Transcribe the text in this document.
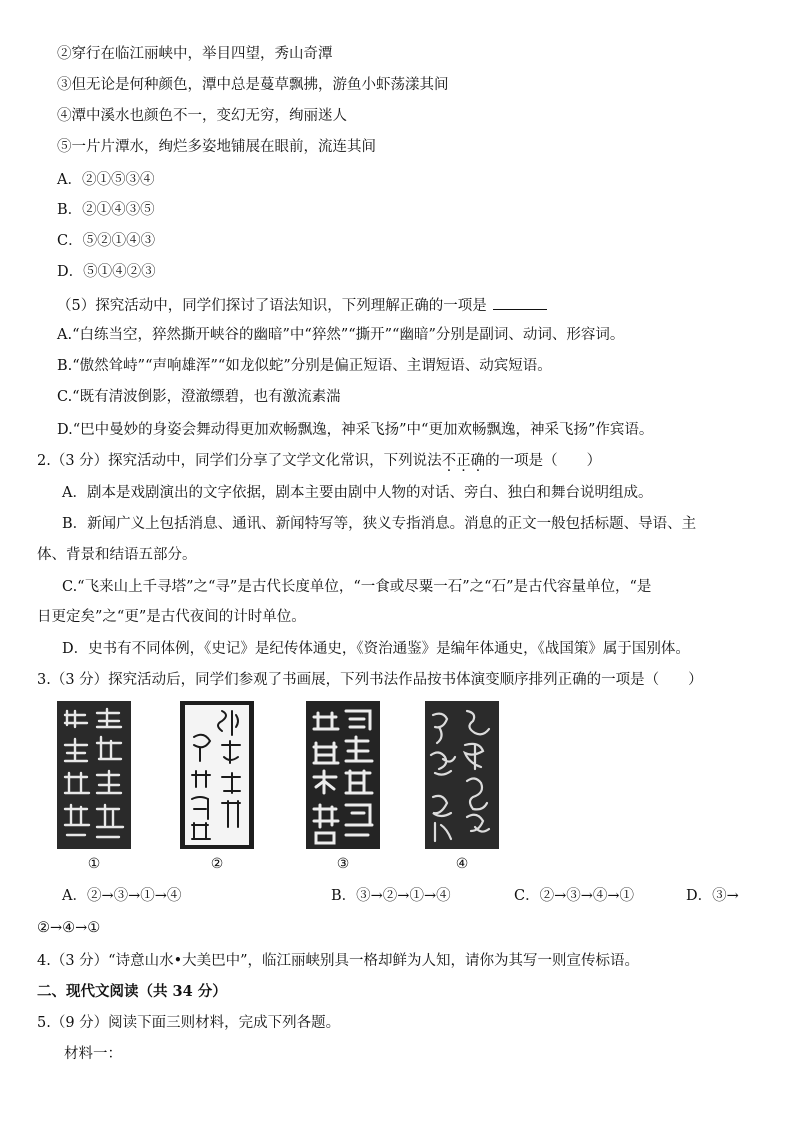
②穿行在临江丽峡中，举目四望，秀山奇潭
③但无论是何种颜色，潭中总是蔓草飘拂，游鱼小虾荡漾其间
④潭中溪水也颜色不一，变幻无穷，绚丽迷人
⑤一片片潭水，绚烂多姿地铺展在眼前，流连其间
A．②①⑤③④
B．②①④③⑤
C．⑤②①④③
D．⑤①④②③
（5）探究活动中，同学们探讨了语法知识，下列理解正确的一项是
A.“白练当空，猝然撕开峡谷的幽暗”中“猝然”“撕开”“幽暗”分别是副词、动词、形容词。
B.“傲然耸峙”“声响雄浑”“如龙似蛇”分别是偏正短语、主谓短语、动宾短语。
C.“既有清波倒影，澄澈缥碧，也有激流素湍
D.“巴中曼妙的身姿会舞动得更加欢畅飘逸，神采飞扬”中“更加欢畅飘逸，神采飞扬”作宾语。
2.（3 分）探究活动中，同学们分享了文学文化常识，下列说法不正确的一项是（　　）
A．剧本是戏剧演出的文字依据，剧本主要由剧中人物的对话、旁白、独白和舞台说明组成。
B．新闻广义上包括消息、通讯、新闻特写等，狭义专指消息。消息的正文一般包括标题、导语、主
体、背景和结语五部分。
C.“飞来山上千寻塔”之“寻”是古代长度单位，“一食或尽粟一石”之“石”是古代容量单位，“是
日更定矣”之“更”是古代夜间的计时单位。
D．史书有不同体例，《史记》是纪传体通史，《资治通鉴》是编年体通史，《战国策》属于国别体。
3.（3 分）探究活动后，同学们参观了书画展，下列书法作品按书体演变顺序排列正确的一项是（　　）
①	②	③	④
A．②→③→①→④	B．③→②→①→④	C．②→③→④→①	D．③→
②→④→①
4.（3 分）“诗意山水•大美巴中”，临江丽峡别具一格却鲜为人知，请你为其写一则宣传标语。
二、现代文阅读（共 34 分）
5.（9 分）阅读下面三则材料，完成下列各题。
材料一：
